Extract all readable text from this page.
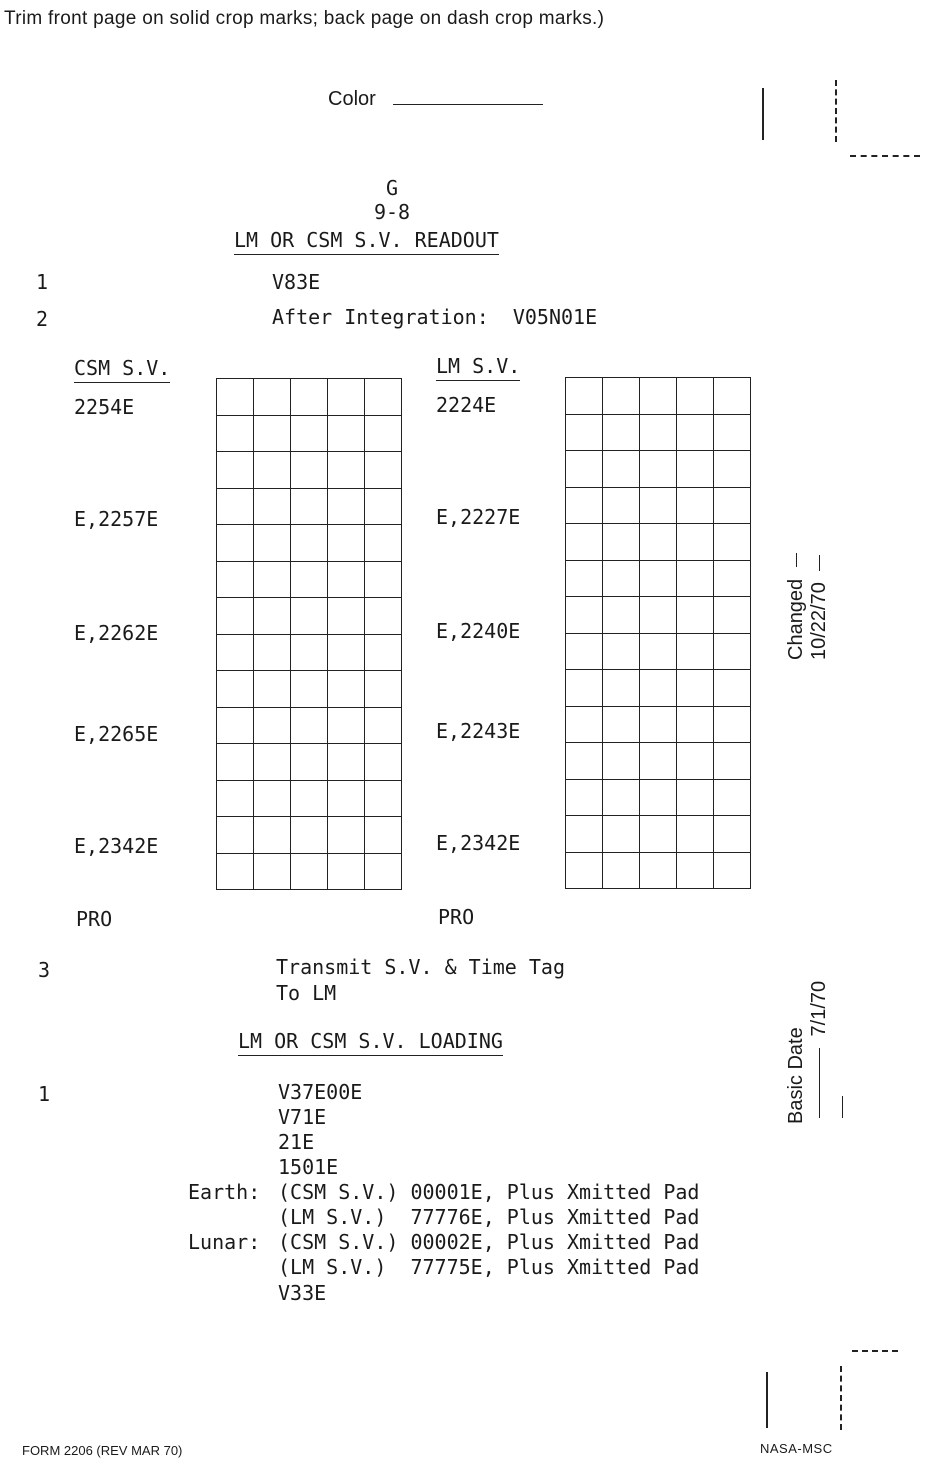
Trim front page on solid crop marks; back page on dash crop marks.)
Color
G
9-8
LM OR CSM S.V. READOUT
1	V83E
2	After Integration:  V05N01E
CSM S.V.
2254E
E,2257E
E,2262E
E,2265E
E,2342E
PRO
LM S.V.
2224E
E,2227E
E,2240E
E,2243E
E,2342E
PRO

Changed  10/22/70
Basic Date  7/1/70
3	Transmit S.V. & Time Tag
To LM
LM OR CSM S.V. LOADING
1	V37E00E
V71E
21E
1501E
Earth: (CSM S.V.) 00001E, Plus Xmitted Pad
(LM S.V.)  77776E, Plus Xmitted Pad
Lunar: (CSM S.V.) 00002E, Plus Xmitted Pad
(LM S.V.)  77775E, Plus Xmitted Pad
V33E
FORM 2206 (REV MAR 70)	NASA-MSC
